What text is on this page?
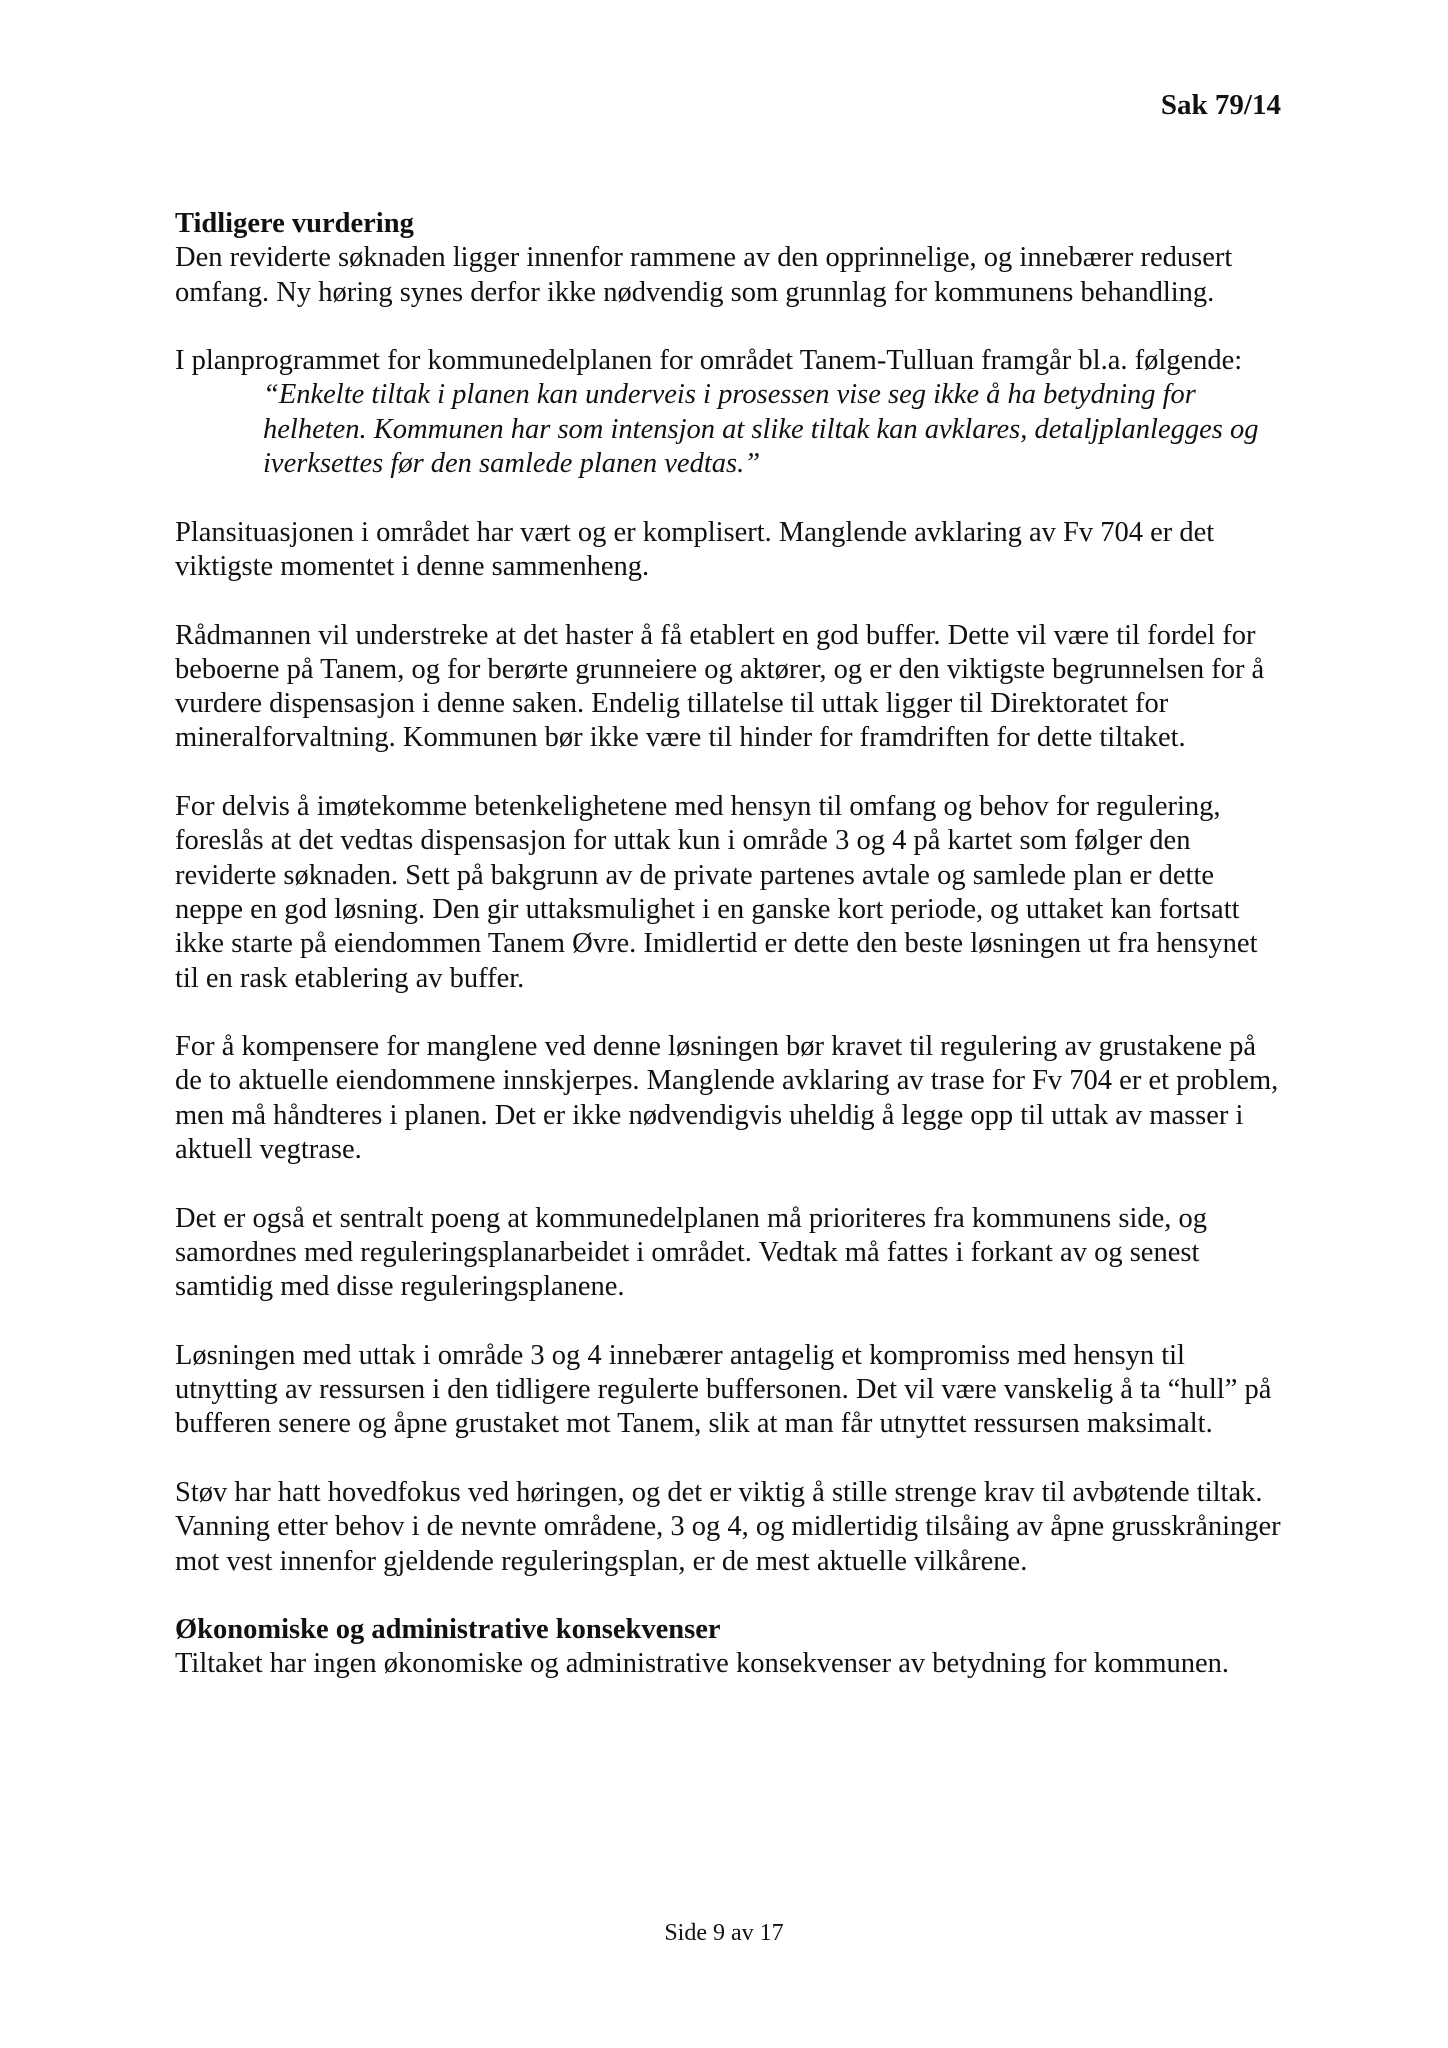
Sak 79/14
Tidligere vurdering

Den reviderte søknaden ligger innenfor rammene av den opprinnelige, og innebærer redusert omfang. Ny høring synes derfor ikke nødvendig som grunnlag for kommunens behandling.

I planprogrammet for kommunedelplanen for området Tanem-Tulluan framgår bl.a. følgende:

“Enkelte tiltak i planen kan underveis i prosessen vise seg ikke å ha betydning for helheten. Kommunen har som intensjon at slike tiltak kan avklares, detaljplanlegges og iverksettes før den samlede planen vedtas.”

Plansituasjonen i området har vært og er komplisert. Manglende avklaring av Fv 704 er det viktigste momentet i denne sammenheng.

Rådmannen vil understreke at det haster å få etablert en god buffer. Dette vil være til fordel for beboerne på Tanem, og for berørte grunneiere og aktører, og er den viktigste begrunnelsen for å vurdere dispensasjon i denne saken. Endelig tillatelse til uttak ligger til Direktoratet for mineralforvaltning. Kommunen bør ikke være til hinder for framdriften for dette tiltaket.

For delvis å imøtekomme betenkelighetene med hensyn til omfang og behov for regulering, foreslås at det vedtas dispensasjon for uttak kun i område 3 og 4 på kartet som følger den reviderte søknaden. Sett på bakgrunn av de private partenes avtale og samlede plan er dette neppe en god løsning. Den gir uttaksmulighet i en ganske kort periode, og uttaket kan fortsatt ikke starte på eiendommen Tanem Øvre. Imidlertid er dette den beste løsningen ut fra hensynet til en rask etablering av buffer.

For å kompensere for manglene ved denne løsningen bør kravet til regulering av grustakene på de to aktuelle eiendommene innskjerpes. Manglende avklaring av trase for Fv 704 er et problem, men må håndteres i planen. Det er ikke nødvendigvis uheldig å legge opp til uttak av masser i aktuell vegtrase.

Det er også et sentralt poeng at kommunedelplanen må prioriteres fra kommunens side, og samordnes med reguleringsplanarbeidet i området. Vedtak må fattes i forkant av og senest samtidig med disse reguleringsplanene.

Løsningen med uttak i område 3 og 4 innebærer antagelig et kompromiss med hensyn til utnytting av ressursen i den tidligere regulerte buffersonen. Det vil være vanskelig å ta “hull” på bufferen senere og åpne grustaket mot Tanem, slik at man får utnyttet ressursen maksimalt.

Støv har hatt hovedfokus ved høringen, og det er viktig å stille strenge krav til avbøtende tiltak. Vanning etter behov i de nevnte områdene, 3 og 4, og midlertidig tilsåing av åpne grusskråninger mot vest innenfor gjeldende reguleringsplan, er de mest aktuelle vilkårene.

Økonomiske og administrative konsekvenser

Tiltaket har ingen økonomiske og administrative konsekvenser av betydning for kommunen.

Side 9 av 17
